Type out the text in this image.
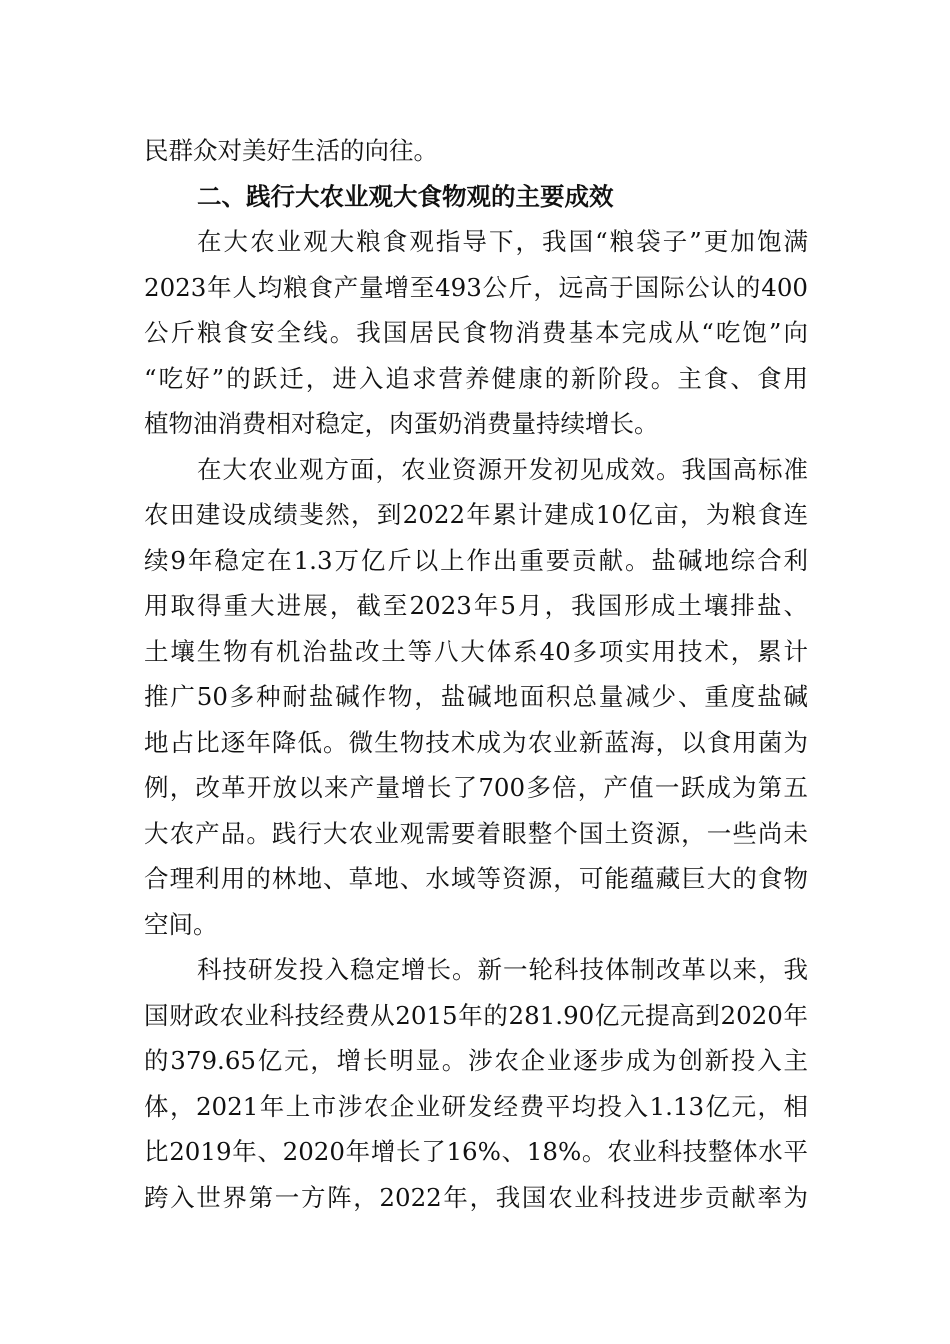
民群众对美好生活的向往。
二、践行大农业观大食物观的主要成效
在大农业观大粮食观指导下，我国“粮袋子”更加饱满
2023年人均粮食产量增至493公斤，远高于国际公认的400
公斤粮食安全线。我国居民食物消费基本完成从“吃饱”向
“吃好”的跃迁，进入追求营养健康的新阶段。主食、食用
植物油消费相对稳定，肉蛋奶消费量持续增长。
在大农业观方面，农业资源开发初见成效。我国高标准
农田建设成绩斐然，到2022年累计建成10亿亩，为粮食连
续9年稳定在1.3万亿斤以上作出重要贡献。盐碱地综合利
用取得重大进展，截至2023年5月，我国形成土壤排盐、
土壤生物有机治盐改土等八大体系40多项实用技术，累计
推广50多种耐盐碱作物，盐碱地面积总量减少、重度盐碱
地占比逐年降低。微生物技术成为农业新蓝海，以食用菌为
例，改革开放以来产量增长了700多倍，产值一跃成为第五
大农产品。践行大农业观需要着眼整个国土资源，一些尚未
合理利用的林地、草地、水域等资源，可能蕴藏巨大的食物
空间。
科技研发投入稳定增长。新一轮科技体制改革以来，我
国财政农业科技经费从2015年的281.90亿元提高到2020年
的379.65亿元，增长明显。涉农企业逐步成为创新投入主
体，2021年上市涉农企业研发经费平均投入1.13亿元，相
比2019年、2020年增长了16%、18%。农业科技整体水平
跨入世界第一方阵，2022年，我国农业科技进步贡献率为
